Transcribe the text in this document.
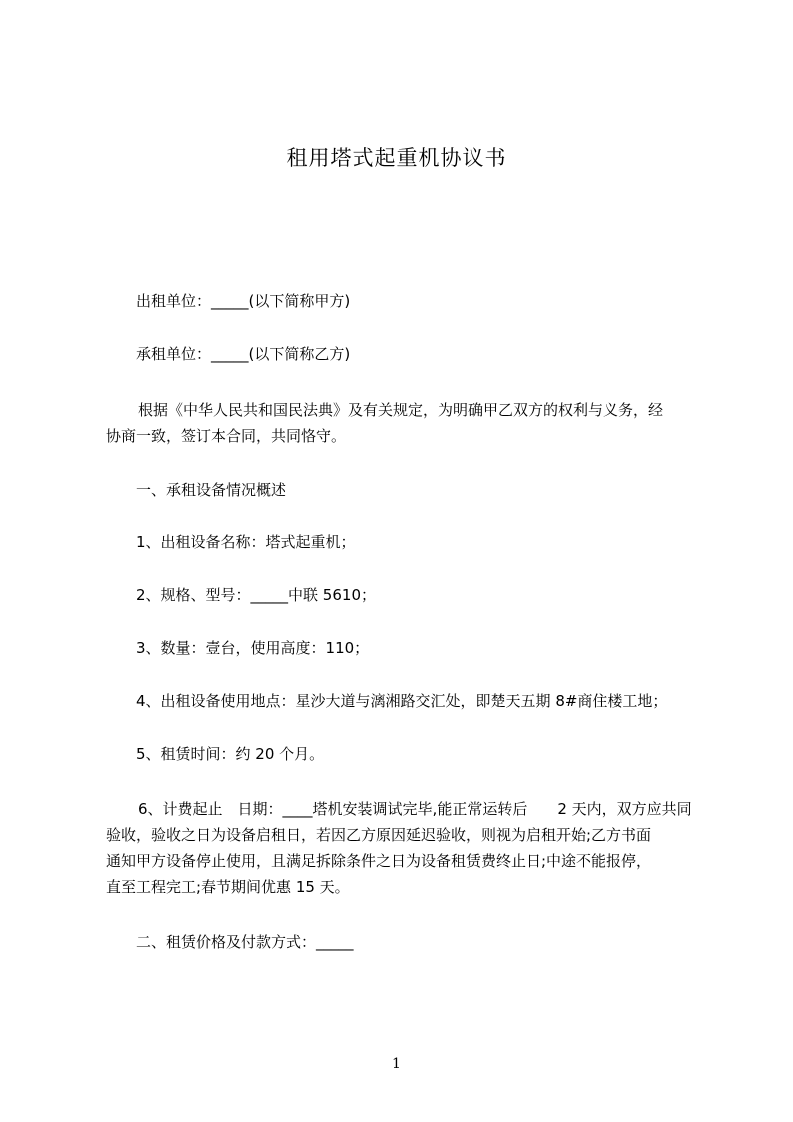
租用塔式起重机协议书
出租单位：_____(以下简称甲方)
承租单位：_____(以下简称乙方)
根据《中华人民共和国民法典》及有关规定，为明确甲乙双方的权利与义务，经
协商一致，签订本合同，共同恪守。
一、承租设备情况概述
1、出租设备名称：塔式起重机；
2、规格、型号：_____中联 5610；
3、数量：壹台，使用高度：110；
4、出租设备使用地点：星沙大道与漓湘路交汇处，即楚天五期 8#商住楼工地；
5、租赁时间：约 20 个月。
6、计费起止　日期：____塔机安装调试完毕,能正常运转后　　2 天内，双方应共同
验收，验收之日为设备启租日，若因乙方原因延迟验收，则视为启租开始;乙方书面
通知甲方设备停止使用，且满足拆除条件之日为设备租赁费终止日;中途不能报停，
直至工程完工;春节期间优惠 15 天。
二、租赁价格及付款方式：_____
1
